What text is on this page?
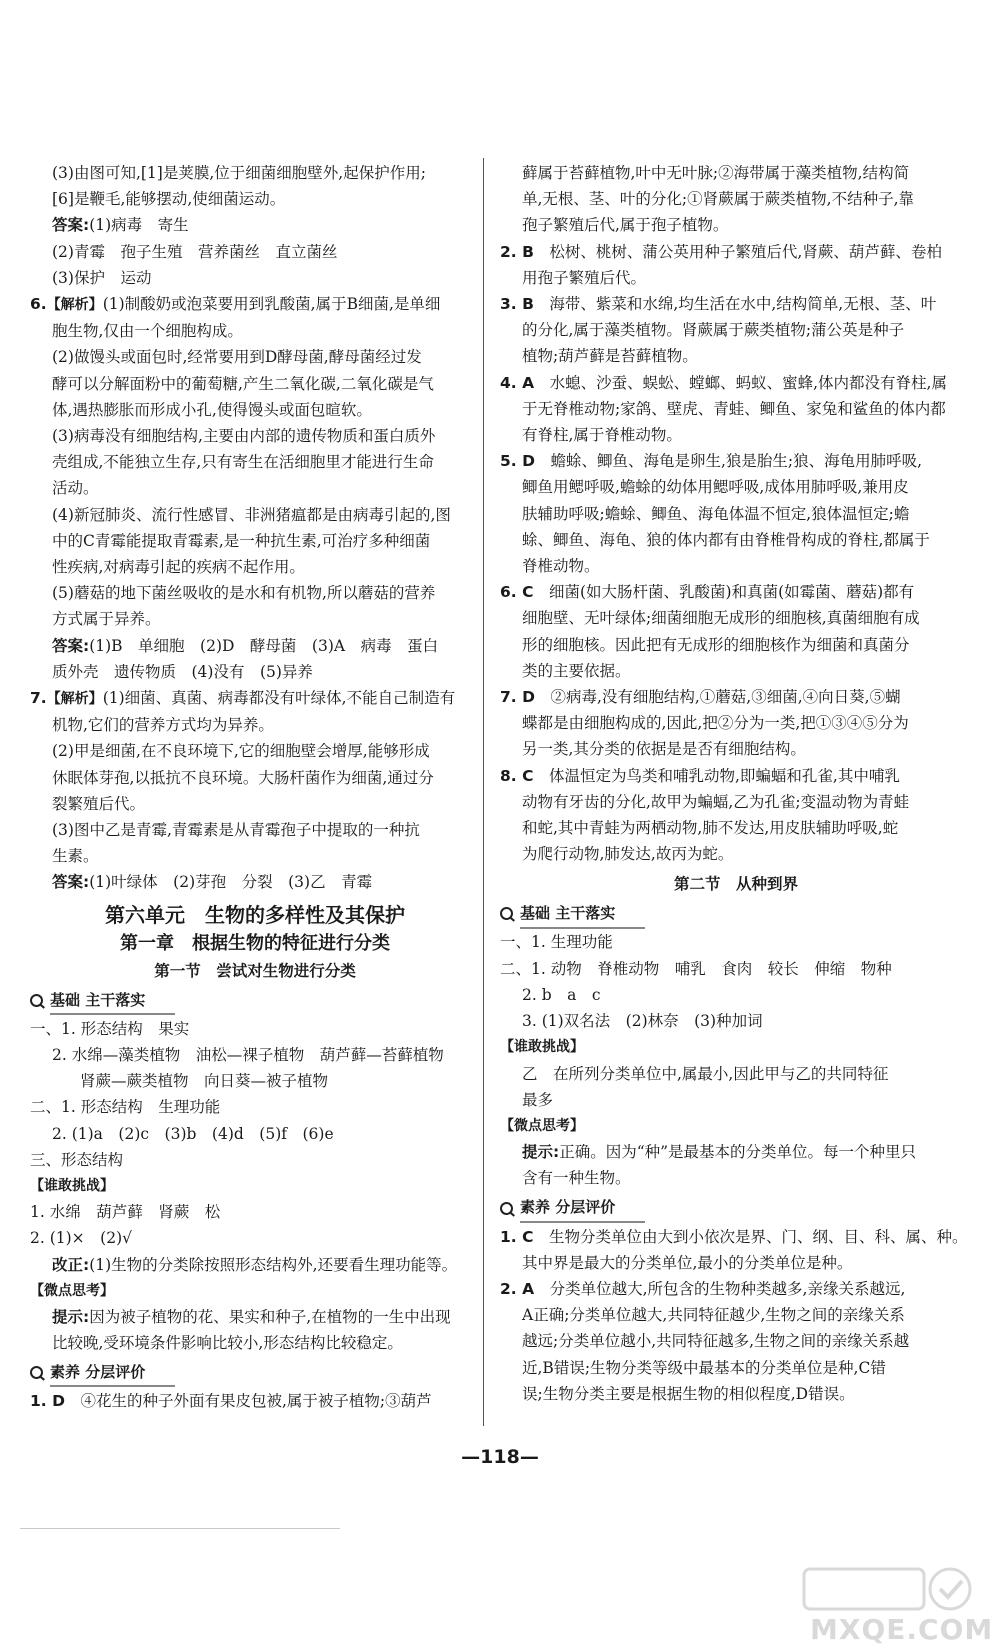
(3)由图可知,[1]是荚膜,位于细菌细胞壁外,起保护作用;

[6]是鞭毛,能够摆动,使细菌运动。

答案:(1)病毒　寄生

(2)青霉　孢子生殖　营养菌丝　直立菌丝

(3)保护　运动

6.【解析】(1)制酸奶或泡菜要用到乳酸菌,属于B细菌,是单细

胞生物,仅由一个细胞构成。

(2)做馒头或面包时,经常要用到D酵母菌,酵母菌经过发

酵可以分解面粉中的葡萄糖,产生二氧化碳,二氧化碳是气

体,遇热膨胀而形成小孔,使得馒头或面包暄软。

(3)病毒没有细胞结构,主要由内部的遗传物质和蛋白质外

壳组成,不能独立生存,只有寄生在活细胞里才能进行生命

活动。

(4)新冠肺炎、流行性感冒、非洲猪瘟都是由病毒引起的,图

中的C青霉能提取青霉素,是一种抗生素,可治疗多种细菌

性疾病,对病毒引起的疾病不起作用。

(5)蘑菇的地下菌丝吸收的是水和有机物,所以蘑菇的营养

方式属于异养。

答案:(1)B　单细胞　(2)D　酵母菌　(3)A　病毒　蛋白

质外壳　遗传物质　(4)没有　(5)异养

7.【解析】(1)细菌、真菌、病毒都没有叶绿体,不能自己制造有

机物,它们的营养方式均为异养。

(2)甲是细菌,在不良环境下,它的细胞壁会增厚,能够形成

休眠体芽孢,以抵抗不良环境。大肠杆菌作为细菌,通过分

裂繁殖后代。

(3)图中乙是青霉,青霉素是从青霉孢子中提取的一种抗

生素。

答案:(1)叶绿体　(2)芽孢　分裂　(3)乙　青霉

第六单元　生物的多样性及其保护
第一章　根据生物的特征进行分类
第一节　尝试对生物进行分类
基础 主干落实

一、1. 形态结构　果实

2. 水绵—藻类植物　油松—裸子植物　葫芦藓—苔藓植物

肾蕨—蕨类植物　向日葵—被子植物

二、1. 形态结构　生理功能

2. (1)a　(2)c　(3)b　(4)d　(5)f　(6)e

三、形态结构

【谁敢挑战】

1. 水绵　葫芦藓　肾蕨　松

2. (1)×　(2)√

改正:(1)生物的分类除按照形态结构外,还要看生理功能等。

【微点思考】

提示:因为被子植物的花、果实和种子,在植物的一生中出现

比较晚,受环境条件影响比较小,形态结构比较稳定。

素养 分层评价

1. D　 ④花生的种子外面有果皮包被,属于被子植物;③葫芦

藓属于苔藓植物,叶中无叶脉;②海带属于藻类植物,结构简

单,无根、茎、叶的分化;①肾蕨属于蕨类植物,不结种子,靠

孢子繁殖后代,属于孢子植物。

2. B　 松树、桃树、蒲公英用种子繁殖后代,肾蕨、葫芦藓、卷柏

用孢子繁殖后代。

3. B　 海带、紫菜和水绵,均生活在水中,结构简单,无根、茎、叶

的分化,属于藻类植物。肾蕨属于蕨类植物;蒲公英是种子

植物;葫芦藓是苔藓植物。

4. A　 水螅、沙蚕、蜈蚣、螳螂、蚂蚁、蜜蜂,体内都没有脊柱,属

于无脊椎动物;家鸽、壁虎、青蛙、鲫鱼、家兔和鲨鱼的体内都

有脊柱,属于脊椎动物。

5. D　 蟾蜍、鲫鱼、海龟是卵生,狼是胎生;狼、海龟用肺呼吸,

鲫鱼用鳃呼吸,蟾蜍的幼体用鳃呼吸,成体用肺呼吸,兼用皮

肤辅助呼吸;蟾蜍、鲫鱼、海龟体温不恒定,狼体温恒定;蟾

蜍、鲫鱼、海龟、狼的体内都有由脊椎骨构成的脊柱,都属于

脊椎动物。

6. C　 细菌(如大肠杆菌、乳酸菌)和真菌(如霉菌、蘑菇)都有

细胞壁、无叶绿体;细菌细胞无成形的细胞核,真菌细胞有成

形的细胞核。因此把有无成形的细胞核作为细菌和真菌分

类的主要依据。

7. D　 ②病毒,没有细胞结构,①蘑菇,③细菌,④向日葵,⑤蝴

蝶都是由细胞构成的,因此,把②分为一类,把①③④⑤分为

另一类,其分类的依据是是否有细胞结构。

8. C　 体温恒定为鸟类和哺乳动物,即蝙蝠和孔雀,其中哺乳

动物有牙齿的分化,故甲为蝙蝠,乙为孔雀;变温动物为青蛙

和蛇,其中青蛙为两栖动物,肺不发达,用皮肤辅助呼吸,蛇

为爬行动物,肺发达,故丙为蛇。

第二节　从种到界
基础 主干落实

一、1. 生理功能

二、1. 动物　脊椎动物　哺乳　食肉　较长　伸缩　物种

2. b　a　c

3. (1)双名法　(2)林奈　(3)种加词

【谁敢挑战】

乙　在所列分类单位中,属最小,因此甲与乙的共同特征

最多

【微点思考】

提示:正确。因为“种”是最基本的分类单位。每一个种里只

含有一种生物。

素养 分层评价

1. C　 生物分类单位由大到小依次是界、门、纲、目、科、属、种。

其中界是最大的分类单位,最小的分类单位是种。

2. A　 分类单位越大,所包含的生物种类越多,亲缘关系越远,

A正确;分类单位越大,共同特征越少,生物之间的亲缘关系

越远;分类单位越小,共同特征越多,生物之间的亲缘关系越

近,B错误;生物分类等级中最基本的分类单位是种,C错

误;生物分类主要是根据生物的相似程度,D错误。

—118—
MXQE.COM
